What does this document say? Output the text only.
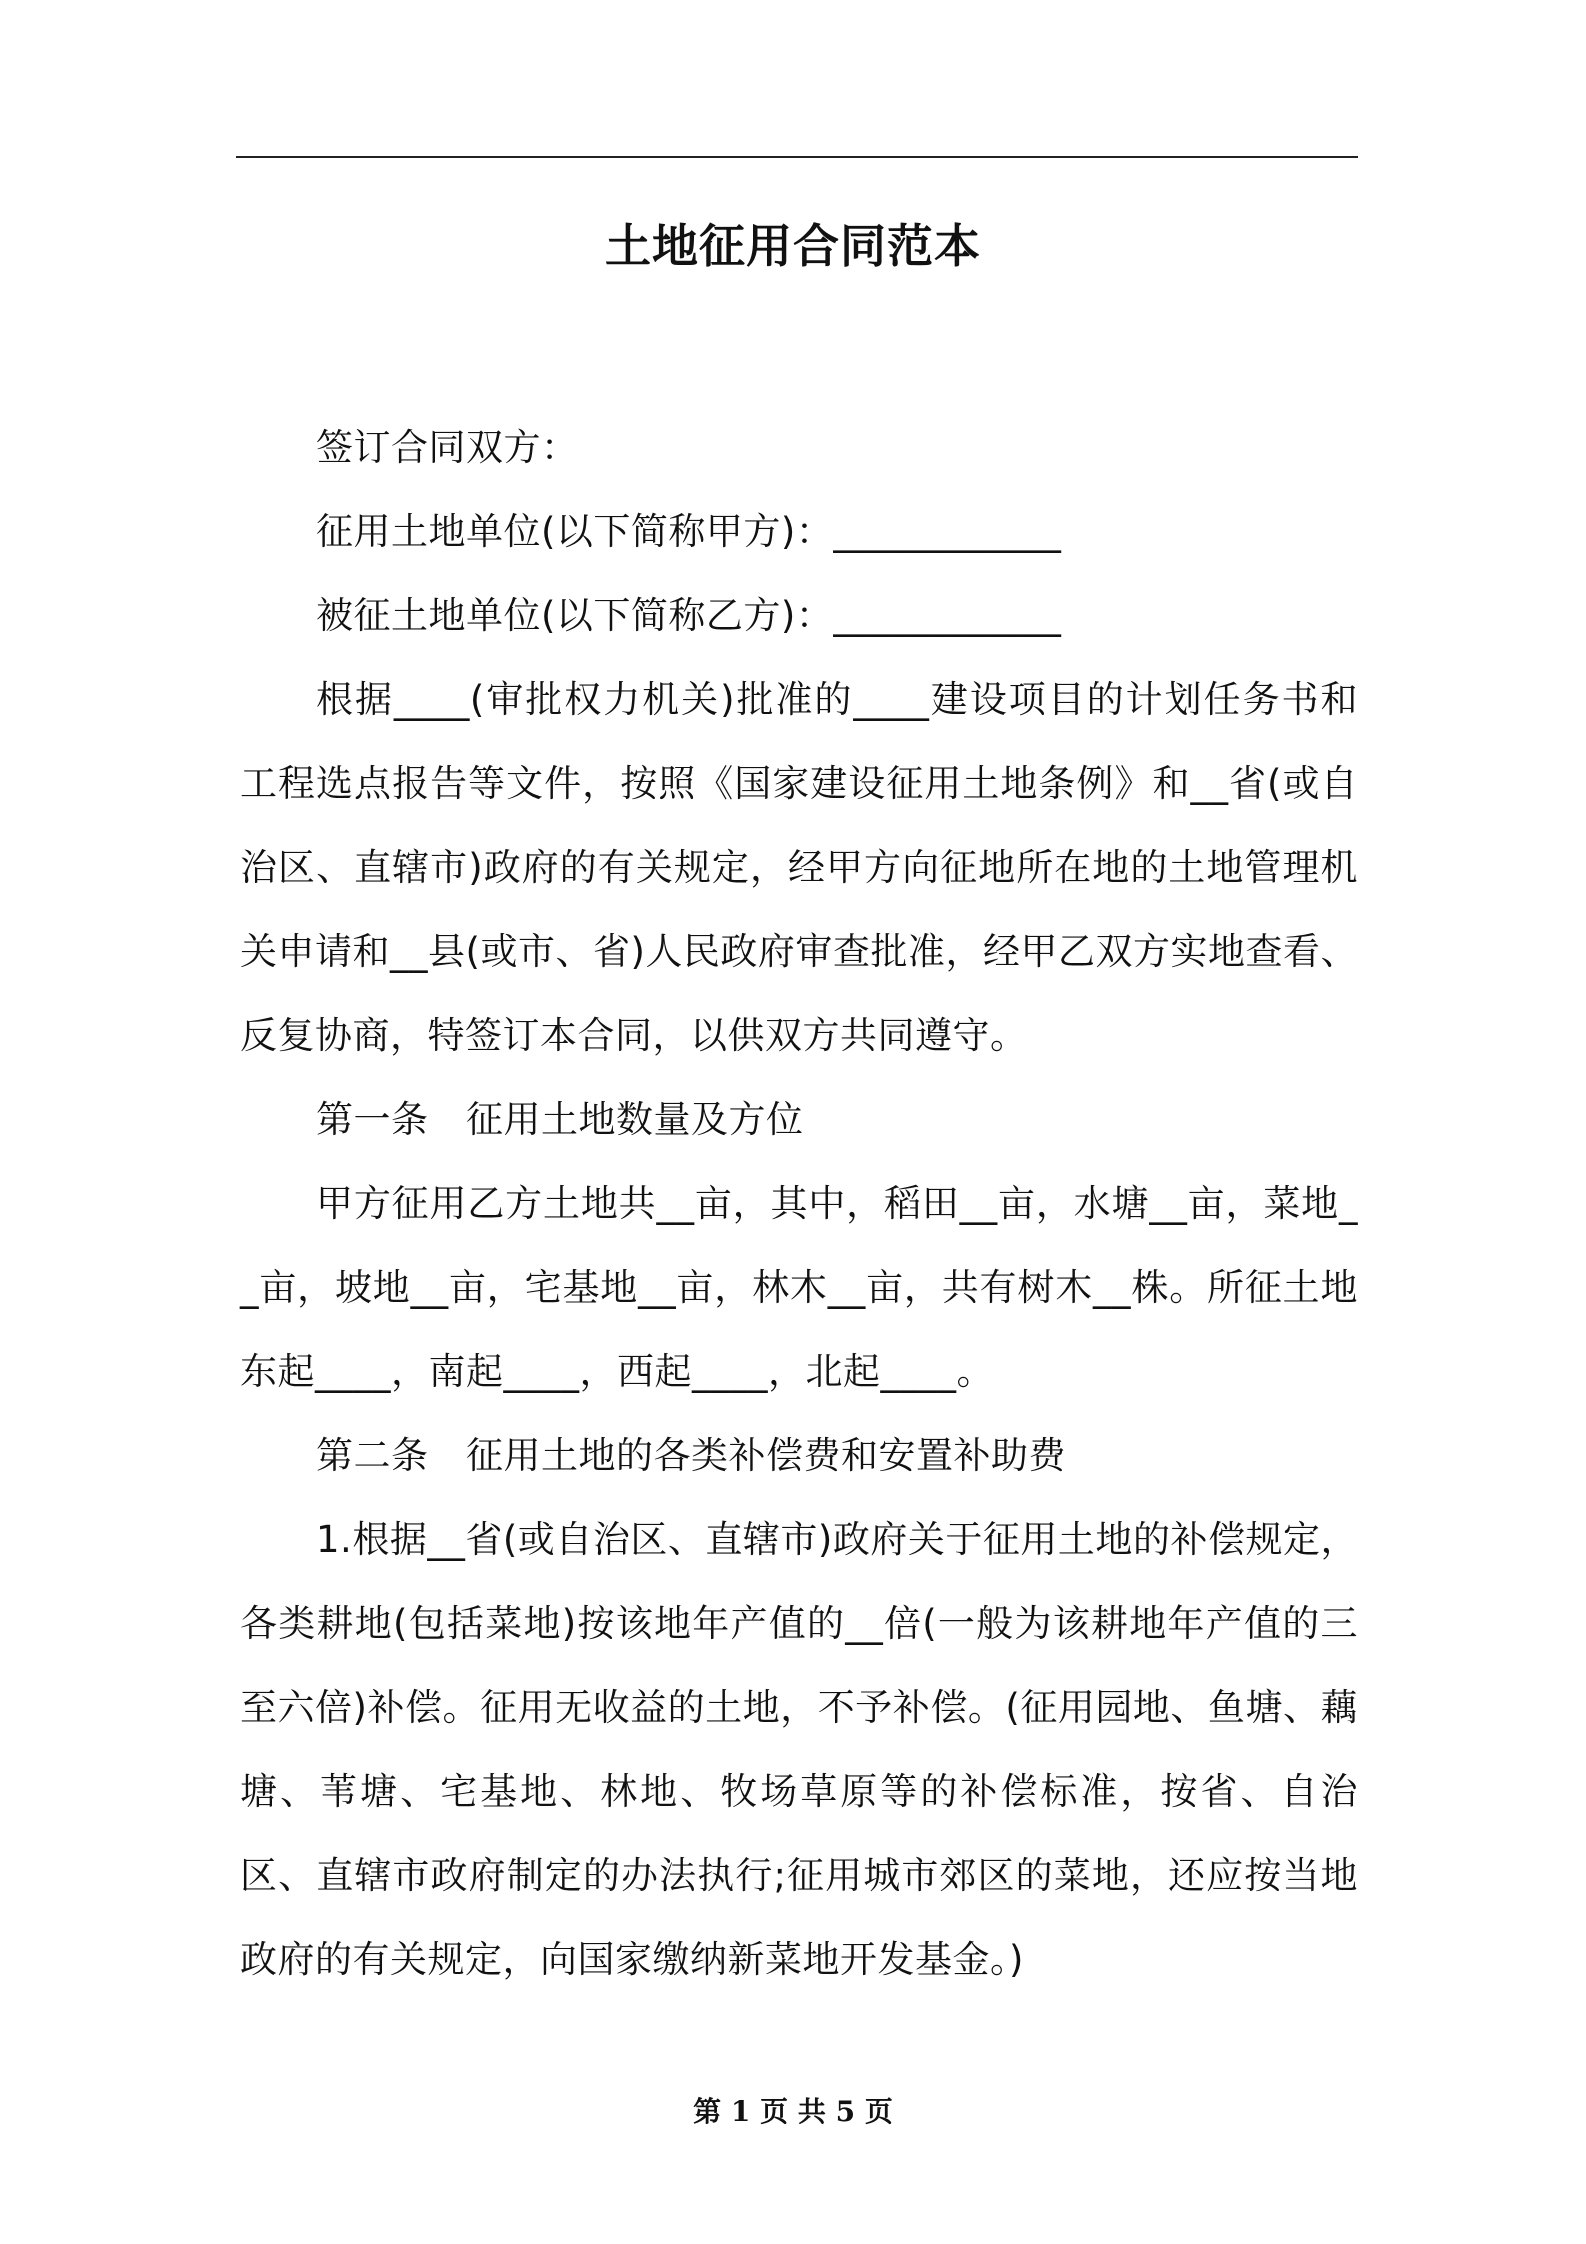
土地征用合同范本

签订合同双方：

征用土地单位(以下简称甲方)：____________

被征土地单位(以下简称乙方)：____________

根据____(审批权力机关)批准的____建设项目的计划任务书和工程选点报告等文件，按照《国家建设征用土地条例》和__省(或自治区、直辖市)政府的有关规定，经甲方向征地所在地的土地管理机关申请和__县(或市、省)人民政府审查批准，经甲乙双方实地查看、反复协商，特签订本合同，以供双方共同遵守。

第一条　征用土地数量及方位

甲方征用乙方土地共__亩，其中，稻田__亩，水塘__亩，菜地__亩，坡地__亩，宅基地__亩，林木__亩，共有树木__株。所征土地东起____，南起____，西起____，北起____。

第二条　征用土地的各类补偿费和安置补助费

1.根据__省(或自治区、直辖市)政府关于征用土地的补偿规定，各类耕地(包括菜地)按该地年产值的__倍(一般为该耕地年产值的三至六倍)补偿。征用无收益的土地，不予补偿。(征用园地、鱼塘、藕塘、苇塘、宅基地、林地、牧场草原等的补偿标准，按省、自治区、直辖市政府制定的办法执行;征用城市郊区的菜地，还应按当地政府的有关规定，向国家缴纳新菜地开发基金。)

第 1 页 共 5 页
